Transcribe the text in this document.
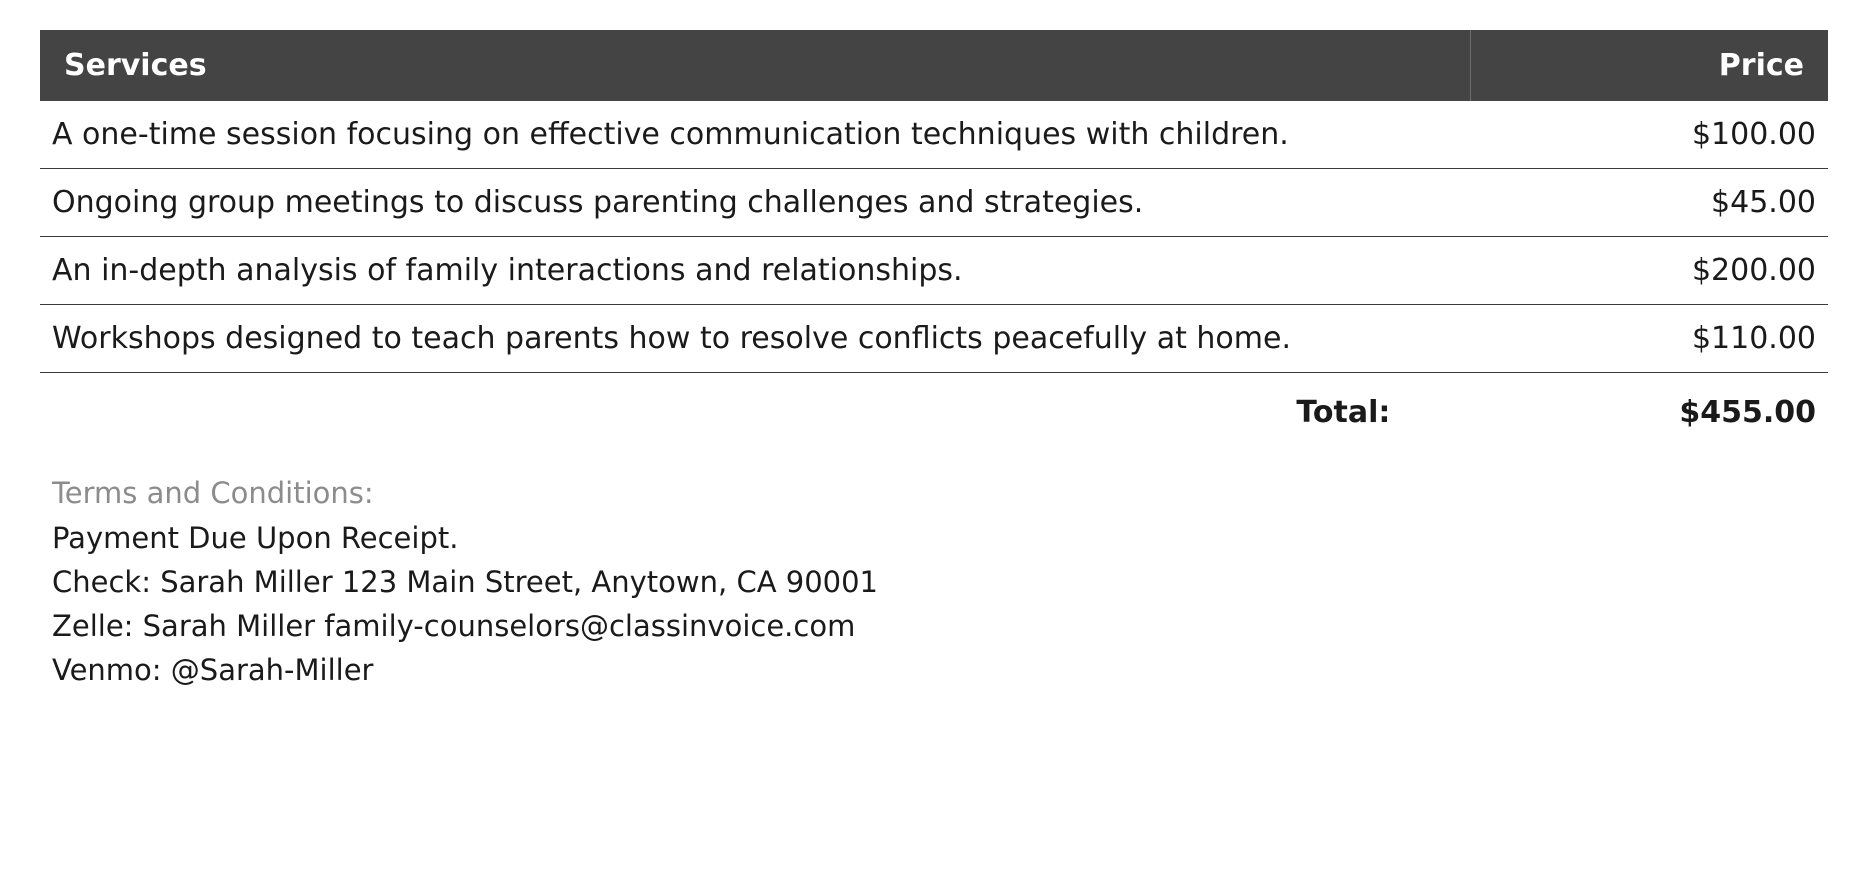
Services	Price
A one-time session focusing on effective communication techniques with children.	$100.00
Ongoing group meetings to discuss parenting challenges and strategies.	$45.00
An in-depth analysis of family interactions and relationships.	$200.00
Workshops designed to teach parents how to resolve conflicts peacefully at home.	$110.00
Total:	$455.00
Terms and Conditions:
Payment Due Upon Receipt.
Check: Sarah Miller 123 Main Street, Anytown, CA 90001
Zelle: Sarah Miller family-counselors@classinvoice.com
Venmo: @Sarah-Miller
